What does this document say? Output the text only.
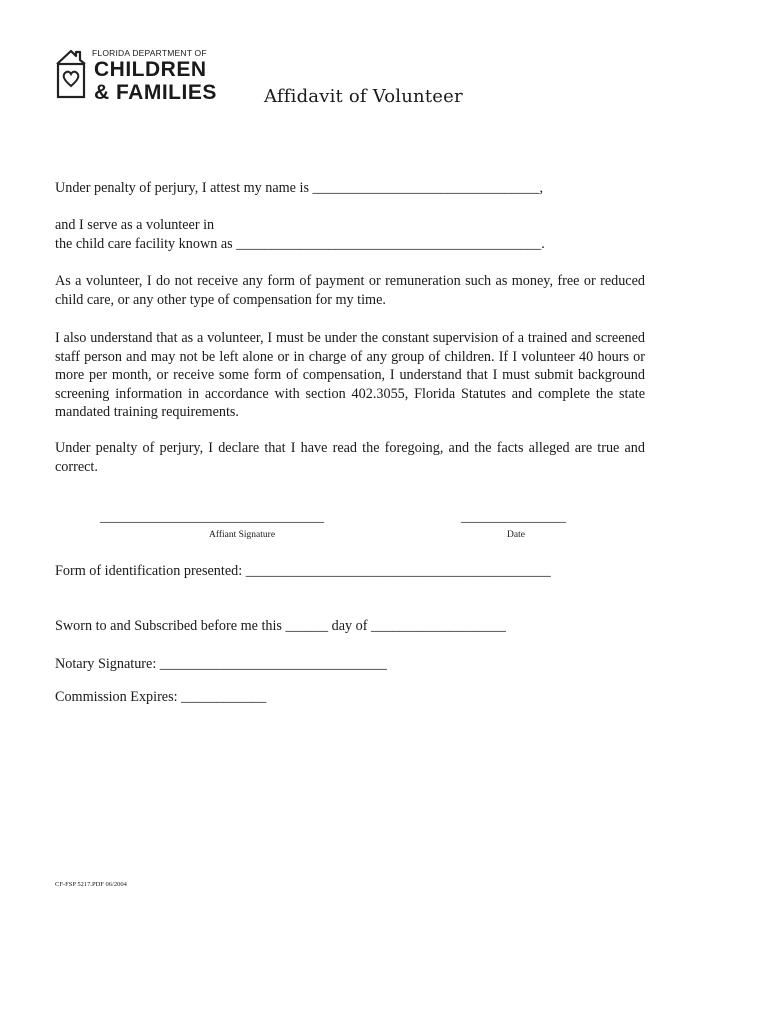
FLORIDA DEPARTMENT OF
CHILDREN
& FAMILIES	Affidavit of Volunteer
Under penalty of perjury, I attest my name is ________________________________,
and I serve as a volunteer in
the child care facility known as ___________________________________________.
As a volunteer, I do not receive any form of payment or remuneration such as money, free or reduced child care, or any other type of compensation for my time.
I also understand that as a volunteer, I must be under the constant supervision of a trained and screened staff person and may not be left alone or in charge of any group of children. If I volunteer 40 hours or more per month, or receive some form of compensation, I understand that I must submit background screening information in accordance with section 402.3055, Florida Statutes and complete the state mandated training requirements.
Under penalty of perjury, I declare that I have read the foregoing, and the facts alleged are true and correct.
________________________________
Affiant Signature
_______________
Date
Form of identification presented: ___________________________________________
Sworn to and Subscribed before me this ______ day of ___________________
Notary Signature: ________________________________
Commission Expires: ____________
CF-FSP 5217.PDF 06/2004
